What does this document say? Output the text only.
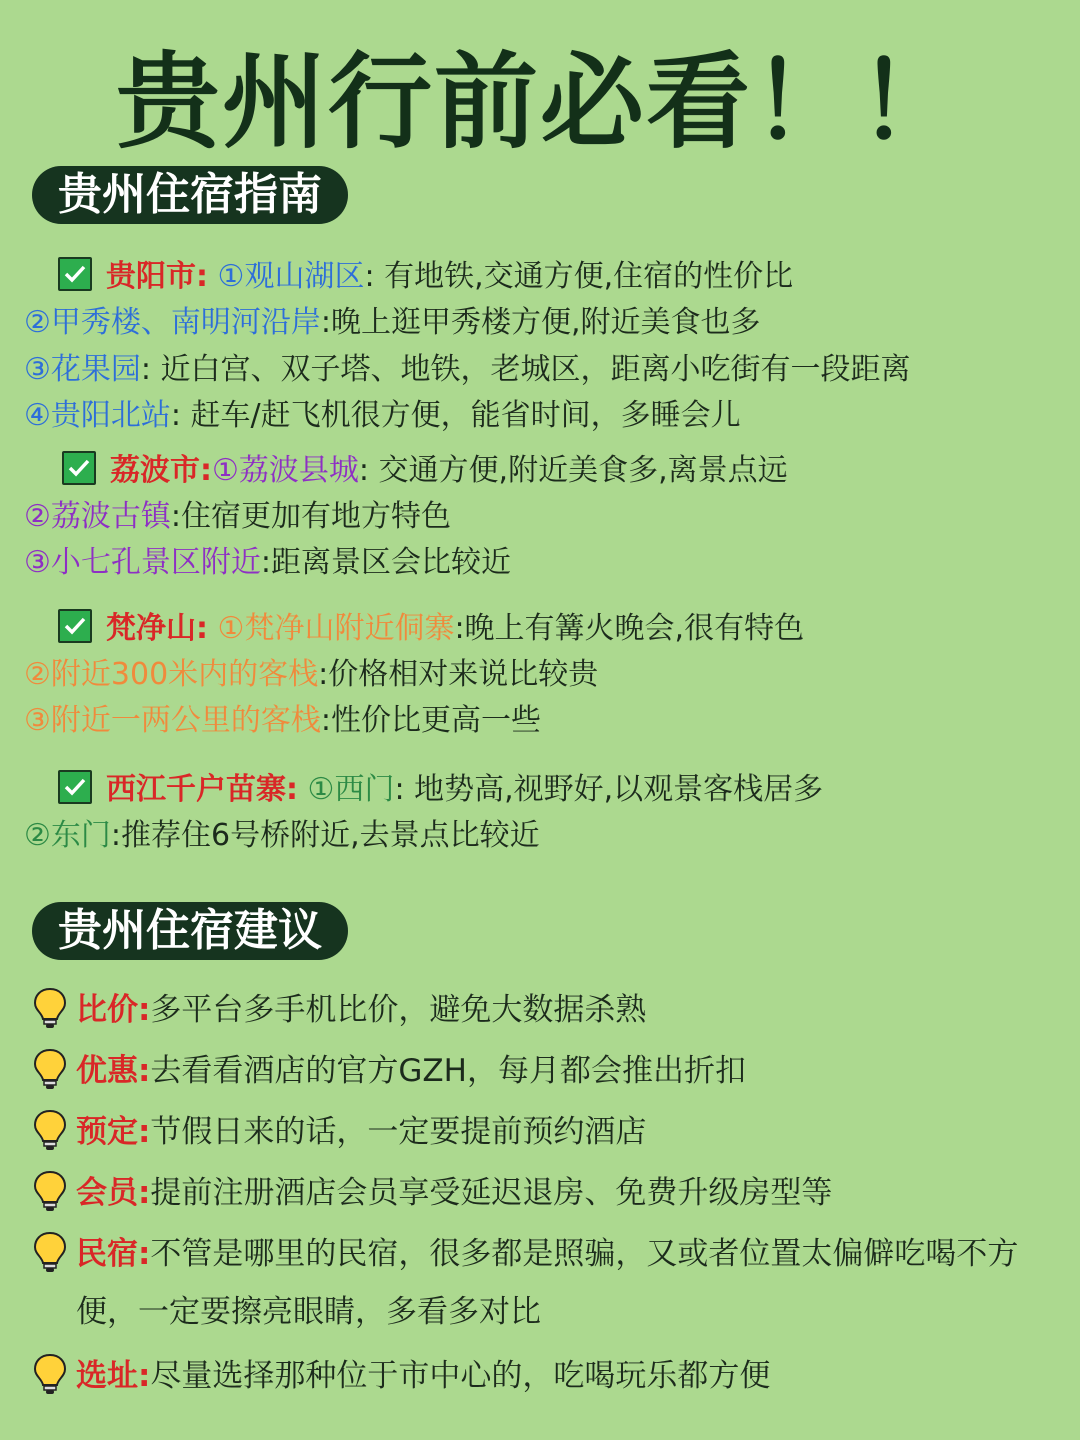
贵州行前必看！！
贵州住宿指南
贵阳市: ①观山湖区: 有地铁,交通方便,住宿的性价比
②甲秀楼、南明河沿岸:晚上逛甲秀楼方便,附近美食也多
③花果园: 近白宫、双子塔、地铁，老城区，距离小吃街有一段距离
④贵阳北站: 赶车/赶飞机很方便，能省时间，多睡会儿
荔波市:①荔波县城: 交通方便,附近美食多,离景点远
②荔波古镇:住宿更加有地方特色
③小七孔景区附近:距离景区会比较近
梵净山: ①梵净山附近侗寨:晚上有篝火晚会,很有特色
②附近300米内的客栈:价格相对来说比较贵
③附近一两公里的客栈:性价比更高一些
西江千户苗寨: ①西门: 地势高,视野好,以观景客栈居多
②东门:推荐住6号桥附近,去景点比较近
贵州住宿建议
比价:多平台多手机比价，避免大数据杀熟
优惠:去看看酒店的官方GZH，每月都会推出折扣
预定:节假日来的话，一定要提前预约酒店
会员:提前注册酒店会员享受延迟退房、免费升级房型等
民宿:不管是哪里的民宿，很多都是照骗，又或者位置太偏僻吃喝不方
便，一定要擦亮眼睛，多看多对比
选址:尽量选择那种位于市中心的，吃喝玩乐都方便
